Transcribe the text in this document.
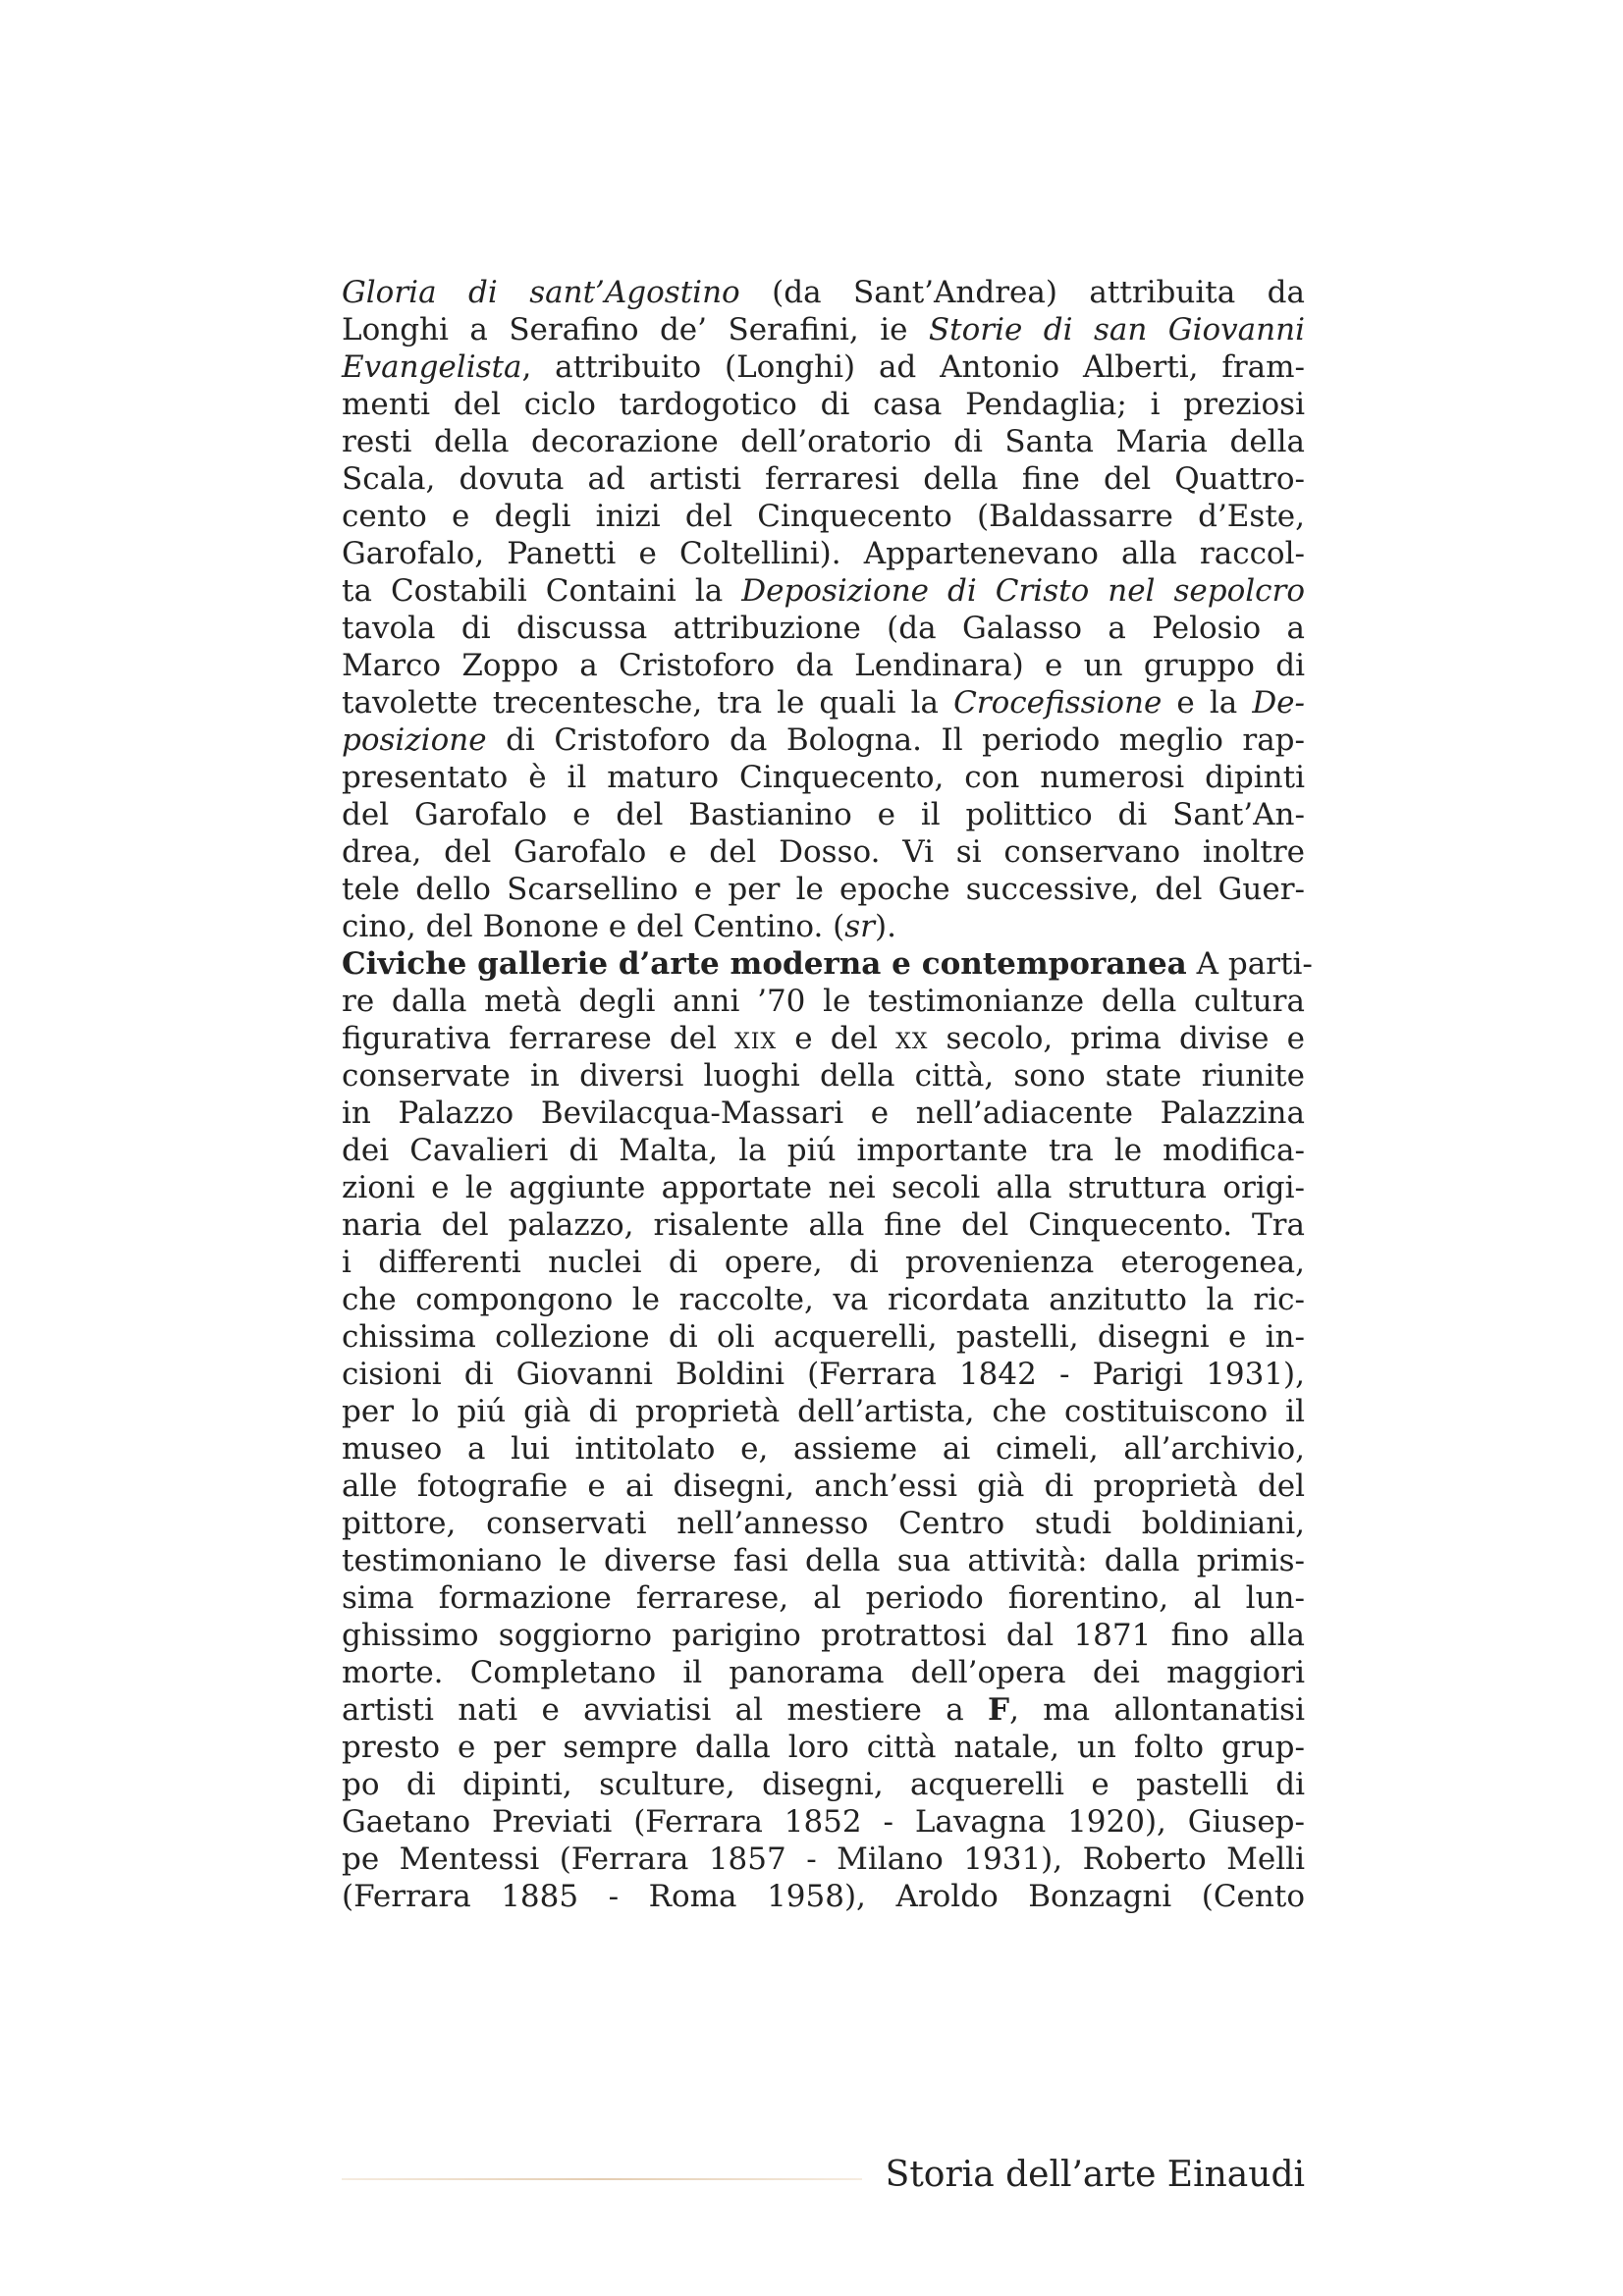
Gloria di sant’Agostino (da Sant’Andrea) attribuita da
Longhi a Serafino de’ Serafini, ie Storie di san Giovanni
Evangelista, attribuito (Longhi) ad Antonio Alberti, fram-
menti del ciclo tardogotico di casa Pendaglia; i preziosi
resti della decorazione dell’oratorio di Santa Maria della
Scala, dovuta ad artisti ferraresi della fine del Quattro-
cento e degli inizi del Cinquecento (Baldassarre d’Este,
Garofalo, Panetti e Coltellini). Appartenevano alla raccol-
ta Costabili Containi la Deposizione di Cristo nel sepolcro
tavola di discussa attribuzione (da Galasso a Pelosio a
Marco Zoppo a Cristoforo da Lendinara) e un gruppo di
tavolette trecentesche, tra le quali la Crocefissione e la De-
posizione di Cristoforo da Bologna. Il periodo meglio rap-
presentato è il maturo Cinquecento, con numerosi dipinti
del Garofalo e del Bastianino e il polittico di Sant’An-
drea, del Garofalo e del Dosso. Vi si conservano inoltre
tele dello Scarsellino e per le epoche successive, del Guer-
cino, del Bonone e del Centino. (sr).
Civiche gallerie d’arte moderna e contemporanea A parti-
re dalla metà degli anni ’70 le testimonianze della cultura
figurativa ferrarese del xix e del xx secolo, prima divise e
conservate in diversi luoghi della città, sono state riunite
in Palazzo Bevilacqua-Massari e nell’adiacente Palazzina
dei Cavalieri di Malta, la piú importante tra le modifica-
zioni e le aggiunte apportate nei secoli alla struttura origi-
naria del palazzo, risalente alla fine del Cinquecento. Tra
i differenti nuclei di opere, di provenienza eterogenea,
che compongono le raccolte, va ricordata anzitutto la ric-
chissima collezione di oli acquerelli, pastelli, disegni e in-
cisioni di Giovanni Boldini (Ferrara 1842 - Parigi 1931),
per lo piú già di proprietà dell’artista, che costituiscono il
museo a lui intitolato e, assieme ai cimeli, all’archivio,
alle fotografie e ai disegni, anch’essi già di proprietà del
pittore, conservati nell’annesso Centro studi boldiniani,
testimoniano le diverse fasi della sua attività: dalla primis-
sima formazione ferrarese, al periodo fiorentino, al lun-
ghissimo soggiorno parigino protrattosi dal 1871 fino alla
morte. Completano il panorama dell’opera dei maggiori
artisti nati e avviatisi al mestiere a F, ma allontanatisi
presto e per sempre dalla loro città natale, un folto grup-
po di dipinti, sculture, disegni, acquerelli e pastelli di
Gaetano Previati (Ferrara 1852 - Lavagna 1920), Giusep-
pe Mentessi (Ferrara 1857 - Milano 1931), Roberto Melli
(Ferrara 1885 - Roma 1958), Aroldo Bonzagni (Cento
Storia dell’arte Einaudi
